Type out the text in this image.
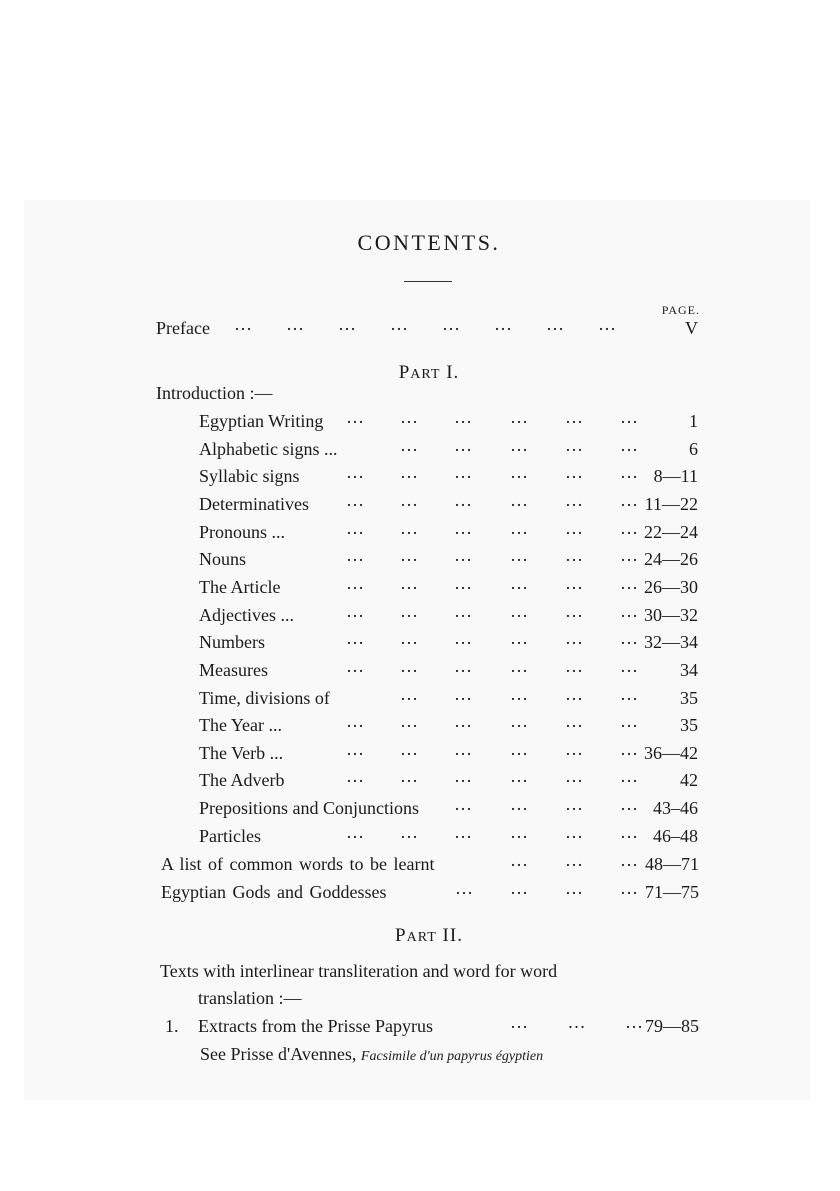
CONTENTS.
PAGE.
Preface …      …      …      …      …      …      …      …	V
PART I.
Introduction :—
Egyptian Writing … … … … … …	1
Alphabetic signs ...	… … … … …	6
Syllabic signs	… … … … … … 8—11
Determinatives … … … … … … 11—22
Pronouns ...	… … … … … … 22—24
Nouns	… … … … … … 24—26
The Article	… … … … … … 26—30
Adjectives ...	… … … … … … 30—32
Numbers	… … … … … … 32—34
Measures	… … … … … … 34
Time, divisions of	… … … … … 35
The Year ...	… … … … … … 35
The Verb ...	… … … … … … 36—42
The Adverb	… … … … … … 42
Prepositions and Conjunctions … … … … 43–46
Particles	… … … … … … 46–48
A list of common words to be learnt	… … … 48—71
Egyptian Gods and Goddesses	… … … … 71—75
PART II.
Texts with interlinear transliteration and word for word
translation :—
1. Extracts from the Prisse Papyrus	…       …       … 79—85
See Prisse d'Avennes, Facsimile d'un papyrus égyptien
